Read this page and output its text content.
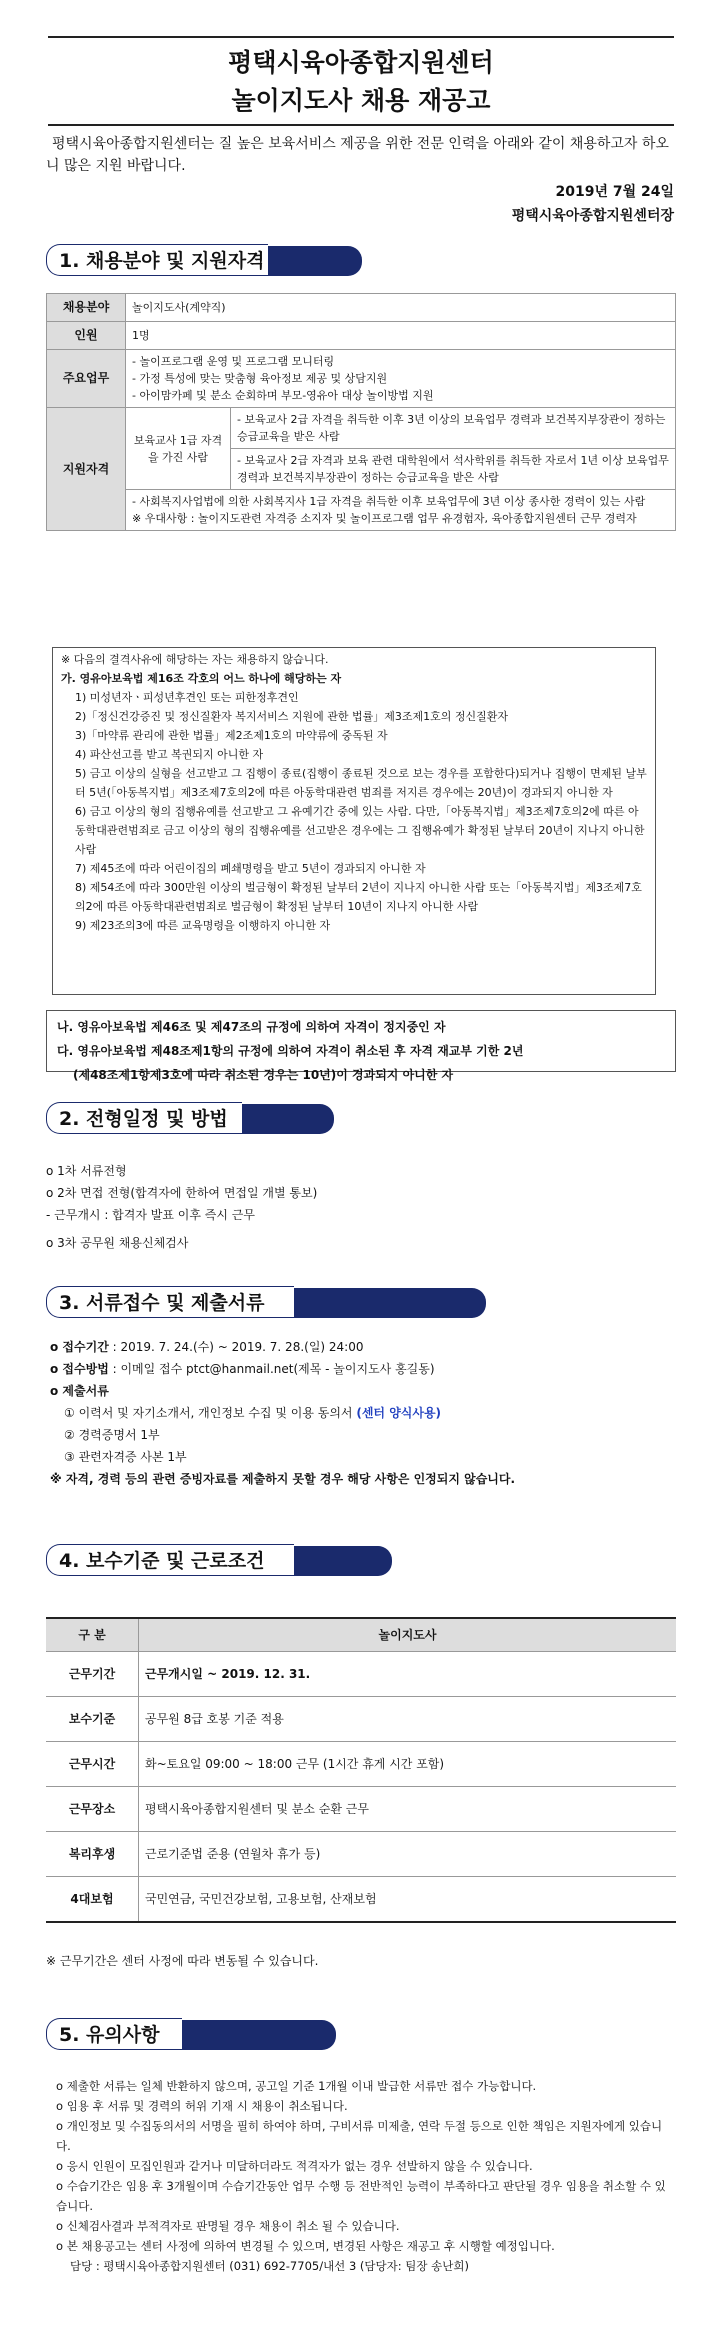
평택시육아종합지원센터
놀이지도사 채용 재공고
평택시육아종합지원센터는 질 높은 보육서비스 제공을 위한 전문 인력을 아래와 같이 채용하고자 하오니 많은 지원 바랍니다.
2019년 7월 24일
평택시육아종합지원센터장
1. 채용분야 및 지원자격
채용분야	놀이지도사(계약직)	
인원	1명	
주요업무	- 놀이프로그램 운영 및 프로그램 모니터링
- 가정 특성에 맞는 맞춤형 육아정보 제공 및 상담지원
- 아이맘카페 및 분소 순회하며 부모-영유아 대상 놀이방법 지원	

지원자격	보육교사 1급 자격을 가진 사람	- 보육교사 2급 자격을 취득한 이후 3년 이상의 보육업무 경력과 보건복지부장관이 정하는 승급교육을 받은 사람
		- 보육교사 2급 자격과 보육 관련 대학원에서 석사학위를 취득한 자로서 1년 이상 보육업무경력과 보건복지부장관이 정하는 승급교육을 받은 사람

	- 사회복지사업법에 의한 사회복지사 1급 자격을 취득한 이후 보육업무에 3년 이상 종사한 경력이 있는 사람
※ 우대사항 : 놀이지도관련 자격증 소지자 및 놀이프로그램 업무 유경험자, 육아종합지원센터 근무 경력자	
※ 다음의 결격사유에 해당하는 자는 채용하지 않습니다.
가. 영유아보육법 제16조 각호의 어느 하나에 해당하는 자
1) 미성년자ㆍ피성년후견인 또는 피한정후견인
2)「정신건강증진 및 정신질환자 복지서비스 지원에 관한 법률」제3조제1호의 정신질환자
3)「마약류 관리에 관한 법률」제2조제1호의 마약류에 중독된 자
4) 파산선고를 받고 복권되지 아니한 자
5) 금고 이상의 실형을 선고받고 그 집행이 종료(집행이 종료된 것으로 보는 경우를 포함한다)되거나 집행이 면제된 날부터 5년(「아동복지법」제3조제7호의2에 따른 아동학대관련 범죄를 저지른 경우에는 20년)이 경과되지 아니한 자
6) 금고 이상의 형의 집행유예를 선고받고 그 유예기간 중에 있는 사람. 다만,「아동복지법」제3조제7호의2에 따른 아동학대관련범죄로 금고 이상의 형의 집행유예를 선고받은 경우에는 그 집행유예가 확정된 날부터 20년이 지나지 아니한 사람
7) 제45조에 따라 어린이집의 폐쇄명령을 받고 5년이 경과되지 아니한 자
8) 제54조에 따라 300만원 이상의 벌금형이 확정된 날부터 2년이 지나지 아니한 사람 또는「아동복지법」제3조제7호의2에 따른 아동학대관련범죄로 벌금형이 확정된 날부터 10년이 지나지 아니한 사람
9) 제23조의3에 따른 교육명령을 이행하지 아니한 자
나. 영유아보육법 제46조 및 제47조의 규정에 의하여 자격이 정지중인 자
다. 영유아보육법 제48조제1항의 규정에 의하여 자격이 취소된 후 자격 재교부 기한 2년
(제48조제1항제3호에 따라 취소된 경우는 10년)이 경과되지 아니한 자
2. 전형일정 및 방법
o 1차 서류전형
o 2차 면접 전형(합격자에 한하여 면접일 개별 통보)
- 근무개시 : 합격자 발표 이후 즉시 근무
o 3차 공무원 채용신체검사
3. 서류접수 및 제출서류
o 접수기간 : 2019. 7. 24.(수) ~ 2019. 7. 28.(일) 24:00
o 접수방법 : 이메일 접수 ptct@hanmail.net(제목 - 놀이지도사 홍길동)
o 제출서류
① 이력서 및 자기소개서, 개인정보 수집 및 이용 동의서 (센터 양식사용)
② 경력증명서 1부
③ 관련자격증 사본 1부
※ 자격, 경력 등의 관련 증빙자료를 제출하지 못할 경우 해당 사항은 인정되지 않습니다.
4. 보수기준 및 근로조건
구 분	놀이지도사
근무기간	근무개시일 ~ 2019. 12. 31.
보수기준	공무원 8급 호봉 기준 적용
근무시간	화~토요일 09:00 ~ 18:00 근무 (1시간 휴게 시간 포함)
근무장소	평택시육아종합지원센터 및 분소 순환 근무
복리후생	근로기준법 준용 (연월차 휴가 등)
4대보험	국민연금, 국민건강보험, 고용보험, 산재보험
※ 근무기간은 센터 사정에 따라 변동될 수 있습니다.
5. 유의사항
o 제출한 서류는 일체 반환하지 않으며, 공고일 기준 1개월 이내 발급한 서류만 접수 가능합니다.
o 임용 후 서류 및 경력의 허위 기재 시 채용이 취소됩니다.
o 개인정보 및 수집동의서의 서명을 필히 하여야 하며, 구비서류 미제출, 연락 두절 등으로 인한 책임은 지원자에게 있습니다.
o 응시 인원이 모집인원과 같거나 미달하더라도 적격자가 없는 경우 선발하지 않을 수 있습니다.
o 수습기간은 임용 후 3개월이며 수습기간동안 업무 수행 등 전반적인 능력이 부족하다고 판단될 경우 임용을 취소할 수 있습니다.
o 신체검사결과 부적격자로 판명될 경우 채용이 취소 될 수 있습니다.
o 본 채용공고는 센터 사정에 의하여 변경될 수 있으며, 변경된 사항은 재공고 후 시행할 예정입니다.
담당 : 평택시육아종합지원센터 (031) 692-7705/내선 3 (담당자: 팀장 송난희)
